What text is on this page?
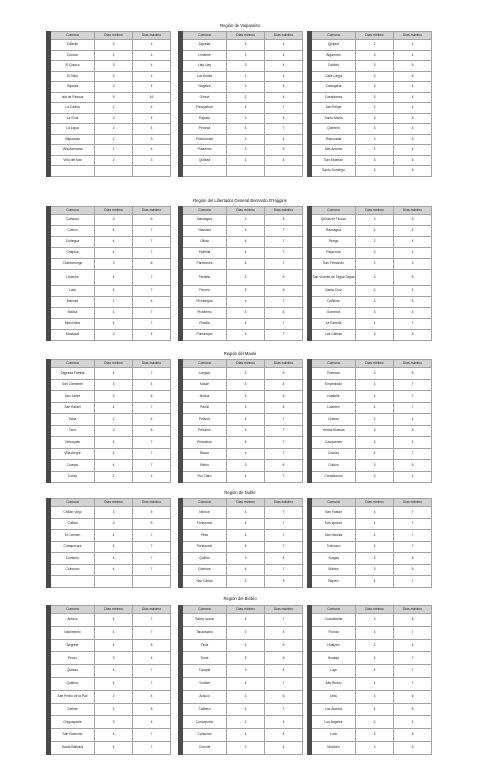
Región de Valparaíso
	Comuna	Días mínimo	Días máximo
	Calerito	3	4
	Concón	2	4
	El Quisco	3	4
	El Tabo	3	4
	Hijuelas	3	4
	Isla de Pascua	9	16
	La Calera	2	4
	La Cruz	3	4
	La Ligua	2	4
	Valparaíso	2	3
	Villa Alemana	2	4
	Viña del Mar	2	3

	Comuna	Días mínimo	Días máximo
	Zapallar	3	4
	Limache	2	4
	Llay Llay	3	4
	Los Andes	2	4
	Nogales	3	4
	Olmué	2	4
	Panquehue	4	7
	Papudo	3	4
	Petorca	4	7
	Puchuncaví	3	4
	Putaendo	3	6
	Quillota	2	4

	Comuna	Días mínimo	Días máximo
	Quilpué	2	4
	Algarrobo	3	4
	Cabildo	3	6
	Calle Larga	3	6
	Cartagena	3	4
	Casablanca	3	4
	San Felipe	2	4
	Santo María	3	6
	Quintero	3	4
	Rinconada	3	6
	San Antonio	2	4
	San Esteban	3	6
	Santo Domingo	3	6
Región del Libertador General Bernardo O'Higgins
	Comuna	Días mínimo	Días máximo
	Coltauco	3	6
	Coinco	4	7
	Codegua	4	7
	Chépica	4	7
	Chimbarongo	3	6
	Litueche	4	7
	Lolol	4	7
	Machalí	2	4
	Malloa	4	7
	Marchihue	4	7
	Mostazal	3	4
	Comuna	Días mínimo	Días máximo
	Nancagua	3	6
	Navidad	4	7
	Olivar	4	7
	Palmilla	4	7
	Paredones	4	7
	Peralillo	3	6
	Peumo	3	6
	Pichidegua	4	7
	Pichilemu	3	6
	Placilla	4	7
	Pumanque	4	7
	Comuna	Días mínimo	Días máximo
	Quinta de Tilcoco	3	6
	Rancagua	2	3
	Rengo	2	4
	Requínoa	3	4
	San Fernando	2	3
	San Vicente de Tagua Tagua	3	6
	Santa Cruz	2	4
	Doñihue	3	6
	Graneros	3	4
	La Estrella	4	7
	Las Cabras	3	6
Región del Maule
	Comuna	Días mínimo	Días máximo
	Sagrada Familia	4	7
	San Clemente	3	4
	San Javier	3	6
	San Rafael	4	7
	Talca	2	4
	Teno	3	6
	Vichuquén	4	7
	Villa Alegre	4	7
	Curepto	4	7
	Curicó	2	4
	Comuna	Días mínimo	Días máximo
	Longaví	3	6
	Maule	3	4
	Molina	3	6
	Parral	3	6
	Pelarco	4	7
	Pelluhue	4	7
	Pencahue	4	7
	Rauco	4	7
	Retiro	3	6
	Río Claro	4	7
	Comuna	Días mínimo	Días máximo
	Romeral	3	6
	Empedrado	4	7
	Hualañé	4	7
	Licantén	4	7
	Linares	2	4
	Yerbas Buenas	3	6
	Cauquenes	3	4
	Chanco	4	7
	Colbún	3	6
	Constitución	3	4
Región de Ñuble
	Comuna	Días mínimo	Días máximo
	Chillán Viejo	3	5
	Chillán	3	5
	El Carmen	4	7
	Cobquecura	4	7
	Coelemu	4	7
	Coihueco	4	7

	Comuna	Días mínimo	Días máximo
	Ninhue	4	7
	Portezuelo	4	7
	Pinto	4	7
	Portezuelo	4	7
	Quillón	3	6
	Quirihue	4	7
	San Carlos	3	5
	Comuna	Días mínimo	Días máximo
	San Fabián	4	7
	San Ignacio	4	7
	San Nicolás	4	7
	Trehuaco	4	7
	Yungay	3	6
	Bulnes	3	6
	Ñiquén	4	7
Región del Biobío
	Comuna	Días mínimo	Días máximo
	Antuco	4	7
	Nacimiento	4	7
	Negrete	4	6
	Penco	3	4
	Quilaco	4	7
	Quilleco	4	7
	San Pedro de la Paz	2	4
	Cañete	3	6
	Chiguayante	3	4
	San Rosendo	4	7
	Santa Bárbara	4	7
	Comuna	Días mínimo	Días máximo
	Santa Juana	4	7
	Talcahuano	2	4
	Tirúa	4	6
	Tomé	3	6
	Tucapel	3	6
	Yumbel	4	7
	Arauco	3	6
	Cabrero	4	7
	Concepción	2	4
	Contulmo	4	6
	Coronel	2	4
	Comuna	Días mínimo	Días máximo
	Curanilahue	3	5
	Florida	4	7
	Hualpén	2	4
	Hualqui	4	7
	Laja	4	7
	Alto Biobío	4	7
	Lebu	4	6
	Los Álamos	4	6
	Los Ángeles	2	4
	Lota	3	6
	Mulchén	3	6
